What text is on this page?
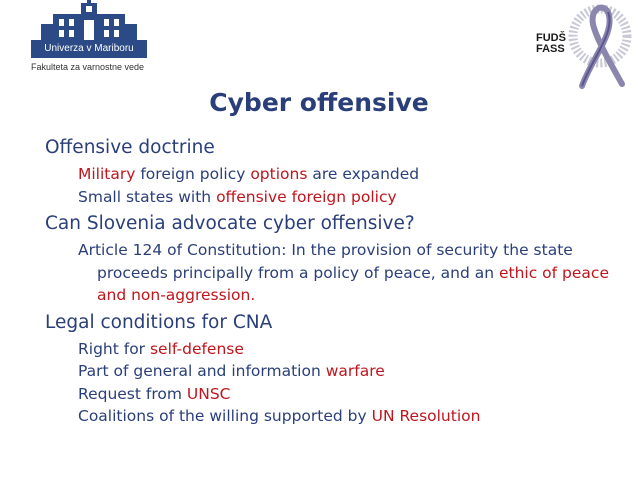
Univerza v Mariboru
Fakulteta za varnostne vede
FUDŠ
FASS
Cyber offensive

Offensive doctrine

Military foreign policy options are expanded

Small states with offensive foreign policy

Can Slovenia advocate cyber offensive?

Article 124 of Constitution: In the provision of security the state proceeds principally from a policy of peace, and an ethic of peace and non-aggression.

Legal conditions for CNA

Right for self-defense

Part of general and information warfare

Request from UNSC

Coalitions of the willing supported by UN Resolution
